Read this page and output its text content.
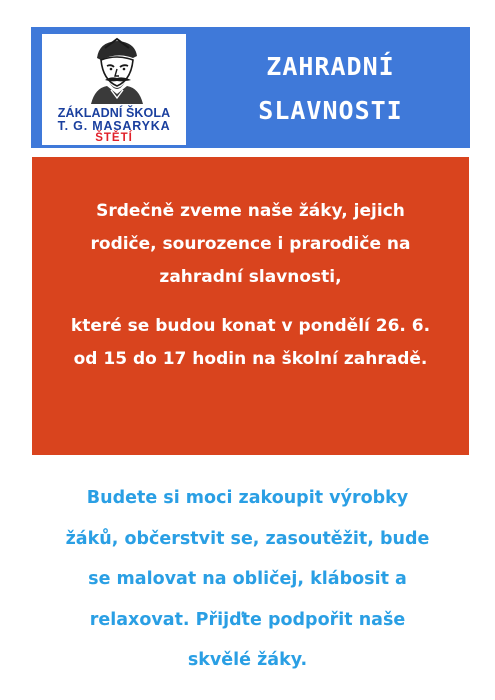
ZÁKLADNÍ ŠKOLA
T. G. MASARYKA
ŠTĚTÍ
ZAHRADNÍ
SLAVNOSTI
Srdečně zveme naše žáky, jejich
rodiče, sourozence i prarodiče na
zahradní slavnosti,
které se budou konat v pondělí 26. 6.
od 15 do 17 hodin na školní zahradě.
Budete si moci zakoupit výrobky
žáků, občerstvit se, zasoutěžit, bude
se malovat na obličej, klábosit a
relaxovat. Přijďte podpořit naše
skvělé žáky.
